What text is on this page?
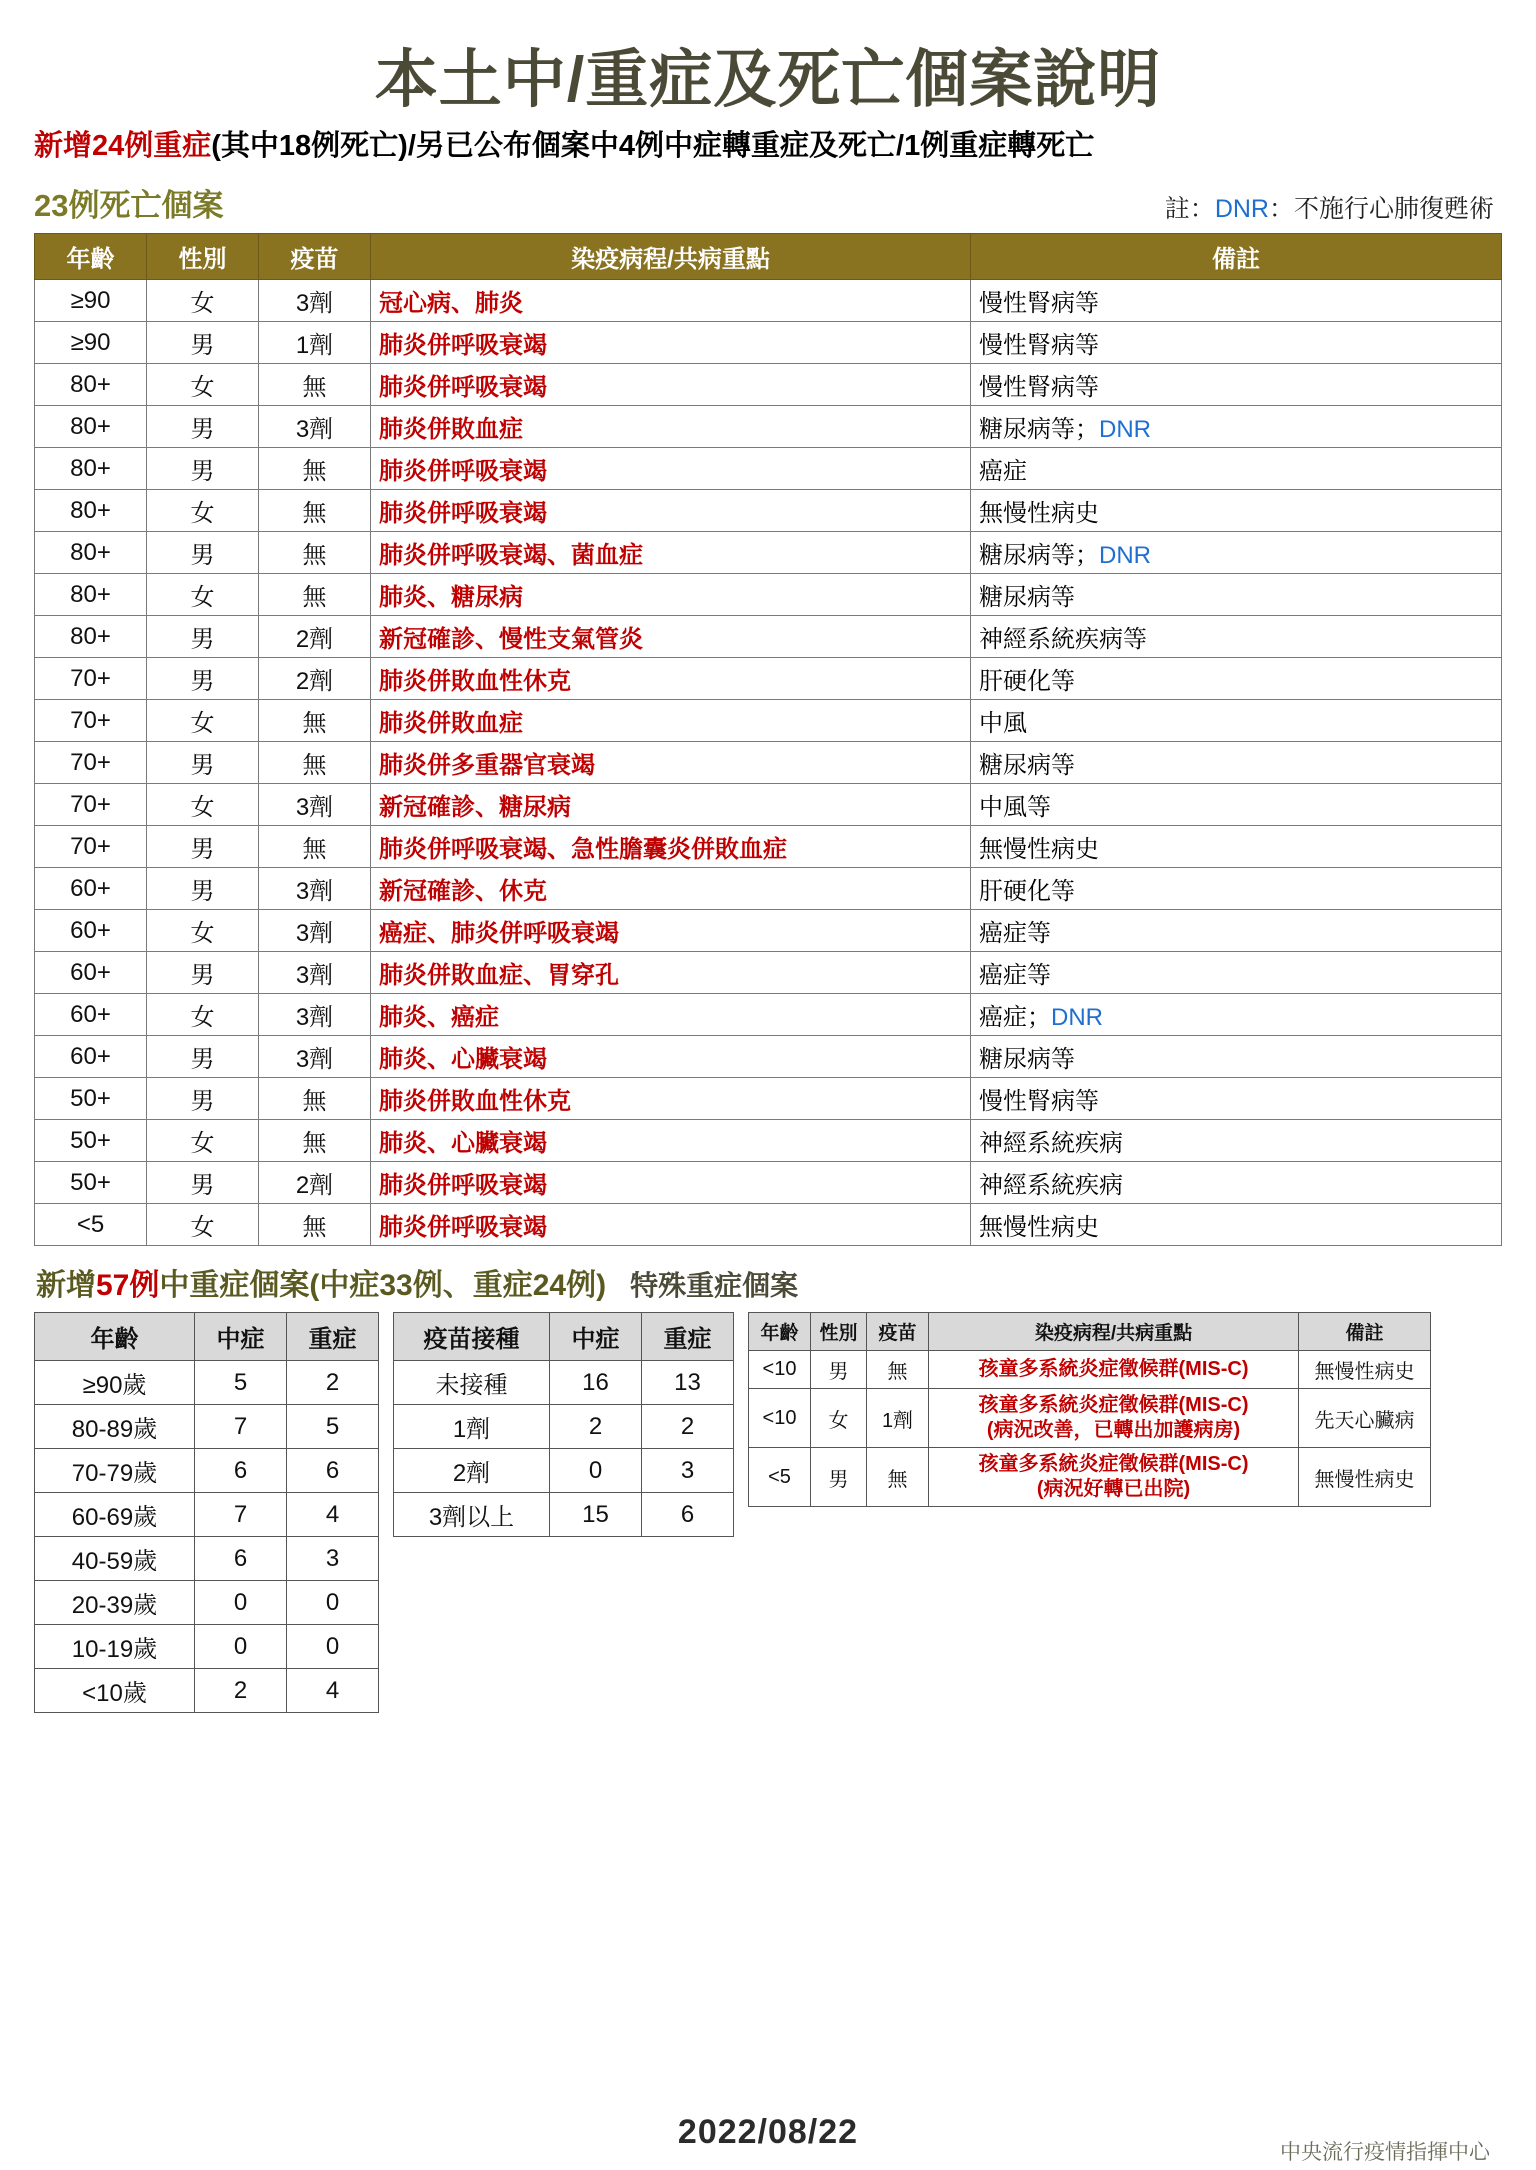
本土中/重症及死亡個案說明
新增24例重症(其中18例死亡)/另已公布個案中4例中症轉重症及死亡/1例重症轉死亡
23例死亡個案	註：DNR：不施行心肺復甦術
年齡	性別	疫苗	染疫病程/共病重點	備註
≥90	女	3劑	冠心病、肺炎	慢性腎病等
≥90	男	1劑	肺炎併呼吸衰竭	慢性腎病等
80+	女	無	肺炎併呼吸衰竭	慢性腎病等
80+	男	3劑	肺炎併敗血症	糖尿病等；DNR
80+	男	無	肺炎併呼吸衰竭	癌症
80+	女	無	肺炎併呼吸衰竭	無慢性病史
80+	男	無	肺炎併呼吸衰竭、菌血症	糖尿病等；DNR
80+	女	無	肺炎、糖尿病	糖尿病等
80+	男	2劑	新冠確診、慢性支氣管炎	神經系統疾病等
70+	男	2劑	肺炎併敗血性休克	肝硬化等
70+	女	無	肺炎併敗血症	中風
70+	男	無	肺炎併多重器官衰竭	糖尿病等
70+	女	3劑	新冠確診、糖尿病	中風等
70+	男	無	肺炎併呼吸衰竭、急性膽囊炎併敗血症	無慢性病史
60+	男	3劑	新冠確診、休克	肝硬化等
60+	女	3劑	癌症、肺炎併呼吸衰竭	癌症等
60+	男	3劑	肺炎併敗血症、胃穿孔	癌症等
60+	女	3劑	肺炎、癌症	癌症；DNR
60+	男	3劑	肺炎、心臟衰竭	糖尿病等
50+	男	無	肺炎併敗血性休克	慢性腎病等
50+	女	無	肺炎、心臟衰竭	神經系統疾病
50+	男	2劑	肺炎併呼吸衰竭	神經系統疾病
<5	女	無	肺炎併呼吸衰竭	無慢性病史
新增57例中重症個案(中症33例、重症24例) 特殊重症個案
年齡	中症	重症
≥90歲	5	2
80-89歲	7	5
70-79歲	6	6
60-69歲	7	4
40-59歲	6	3
20-39歲	0	0
10-19歲	0	0
<10歲	2	4
疫苗接種	中症	重症
未接種	16	13
1劑	2	2
2劑	0	3
3劑以上	15	6
年齡	性別	疫苗	染疫病程/共病重點	備註
<10	男	無	孩童多系統炎症徵候群(MIS-C)	無慢性病史
<10	女	1劑	孩童多系統炎症徵候群(MIS-C)
(病況改善，已轉出加護病房)	先天心臟病
<5	男	無	孩童多系統炎症徵候群(MIS-C)
(病況好轉已出院)	無慢性病史
2022/08/22
中央流行疫情指揮中心
